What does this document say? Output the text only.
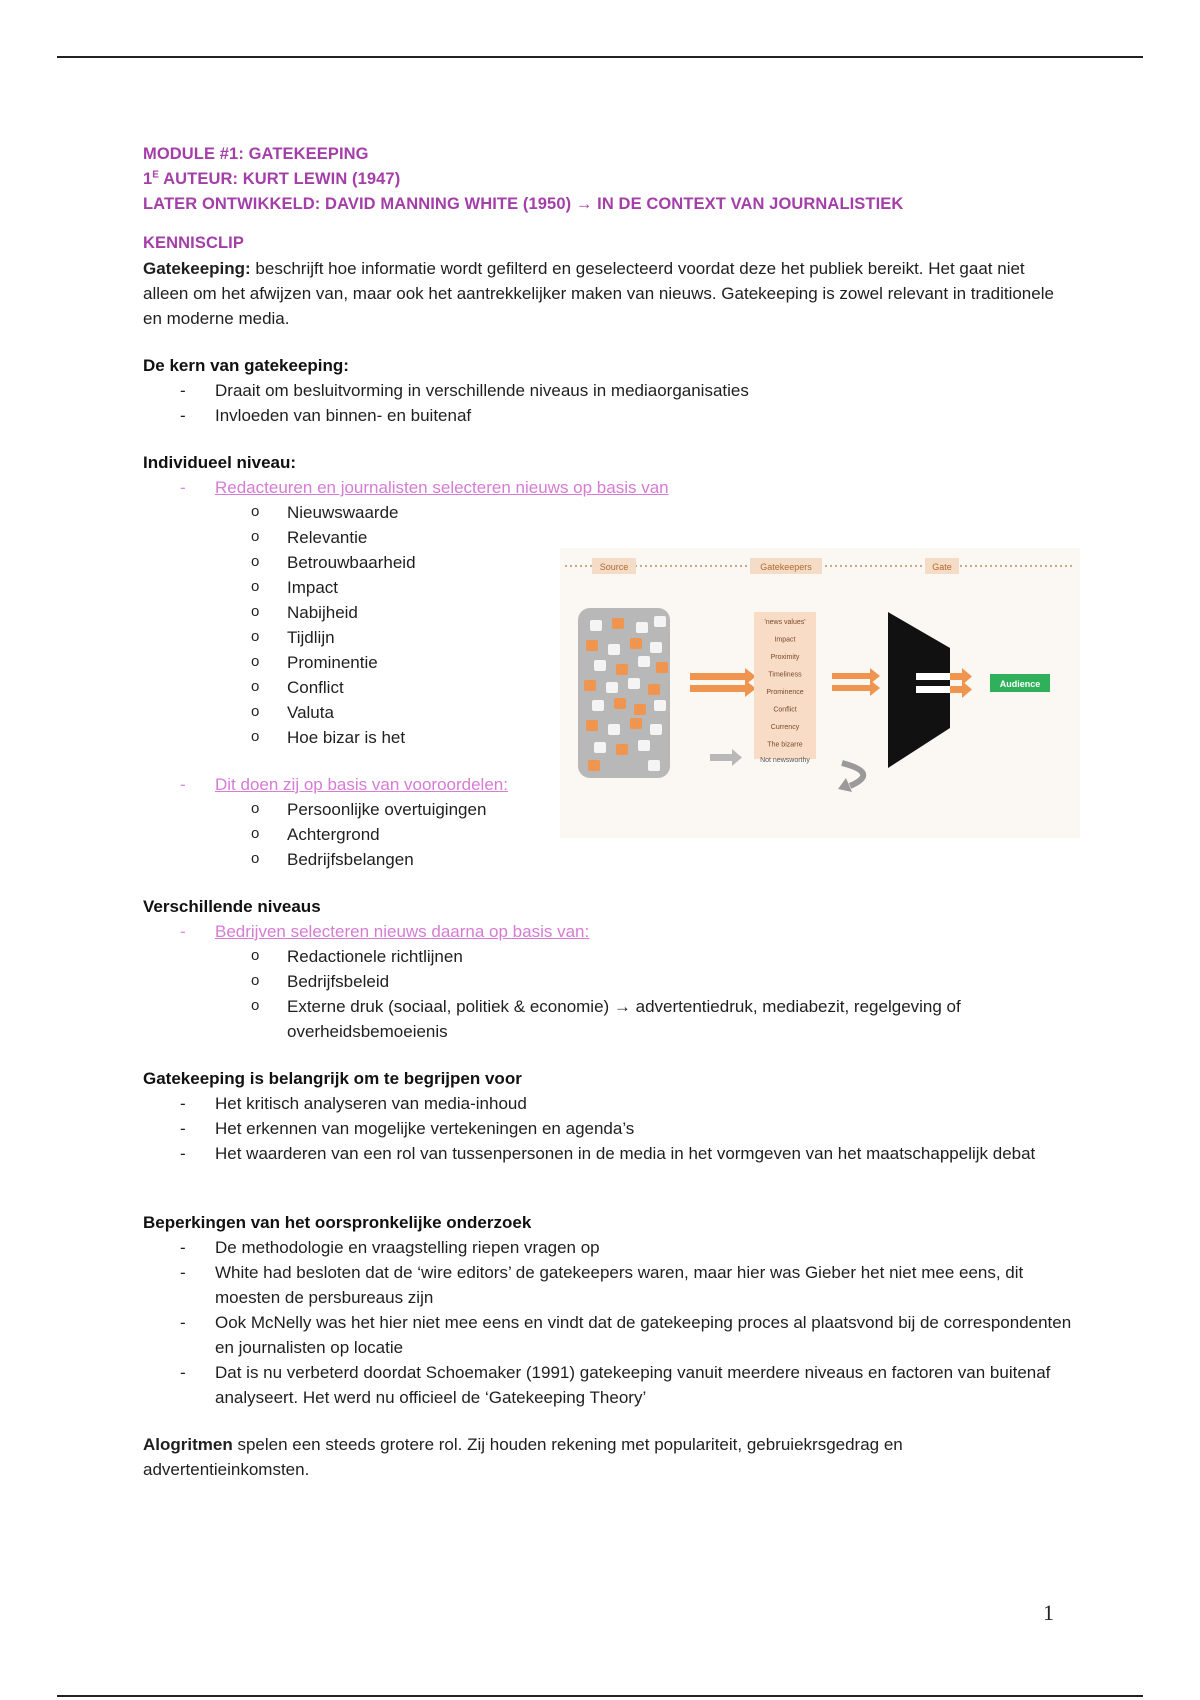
MODULE #1: GATEKEEPING
$1^E$ AUTEUR: KURT LEWIN (1947)
LATER ONTWIKKELD: DAVID MANNING WHITE (1950) → IN DE CONTEXT VAN JOURNALISTIEK
KENNISCLIP

Gatekeeping: beschrijft hoe informatie wordt gefilterd en geselecteerd voordat deze het publiek bereikt. Het gaat niet alleen om het afwijzen van, maar ook het aantrekkelijker maken van nieuws. Gatekeeping is zowel relevant in traditionele en moderne media.

De kern van gatekeeping:
- Draait om besluitvorming in verschillende niveaus in mediaorganisaties
- Invloeden van binnen- en buitenaf
Individueel niveau:
- Redacteuren en journalisten selecteren nieuws op basis van
o Nieuwswaarde
o Relevantie
o Betrouwbaarheid
o Impact
o Nabijheid
o Tijdlijn
o Prominentie
o Conflict
o Valuta
o Hoe bizar is het
- Dit doen zij op basis van vooroordelen:
o Persoonlijke overtuigingen
o Achtergrond
o Bedrijfsbelangen
Verschillende niveaus
- Bedrijven selecteren nieuws daarna op basis van:
o Redactionele richtlijnen
o Bedrijfsbeleid
o Externe druk (sociaal, politiek & economie) → advertentiedruk, mediabezit, regelgeving of overheidsbemoeienis
Gatekeeping is belangrijk om te begrijpen voor
- Het kritisch analyseren van media-inhoud
- Het erkennen van mogelijke vertekeningen en agenda’s
- Het waarderen van een rol van tussenpersonen in de media in het vormgeven van het maatschappelijk debat
Beperkingen van het oorspronkelijke onderzoek
- De methodologie en vraagstelling riepen vragen op
- White had besloten dat de ‘wire editors’ de gatekeepers waren, maar hier was Gieber het niet mee eens, dit moesten de persbureaus zijn
- Ook McNelly was het hier niet mee eens en vindt dat de gatekeeping proces al plaatsvond bij de correspondenten en journalisten op locatie
- Dat is nu verbeterd doordat Schoemaker (1991) gatekeeping vanuit meerdere niveaus en factoren van buitenaf analyseert. Het werd nu officieel de ‘Gatekeeping Theory’

Alogritmen spelen een steeds grotere rol. Zij houden rekening met populariteit, gebruiekrsgedrag en advertentieinkomsten.

Source	Gatekeepers	Gate
'news values'
Impact
Proximity
Timeliness
Prominence
Conflict
Currency
The bizarre
Audience
Not newsworthy
1
